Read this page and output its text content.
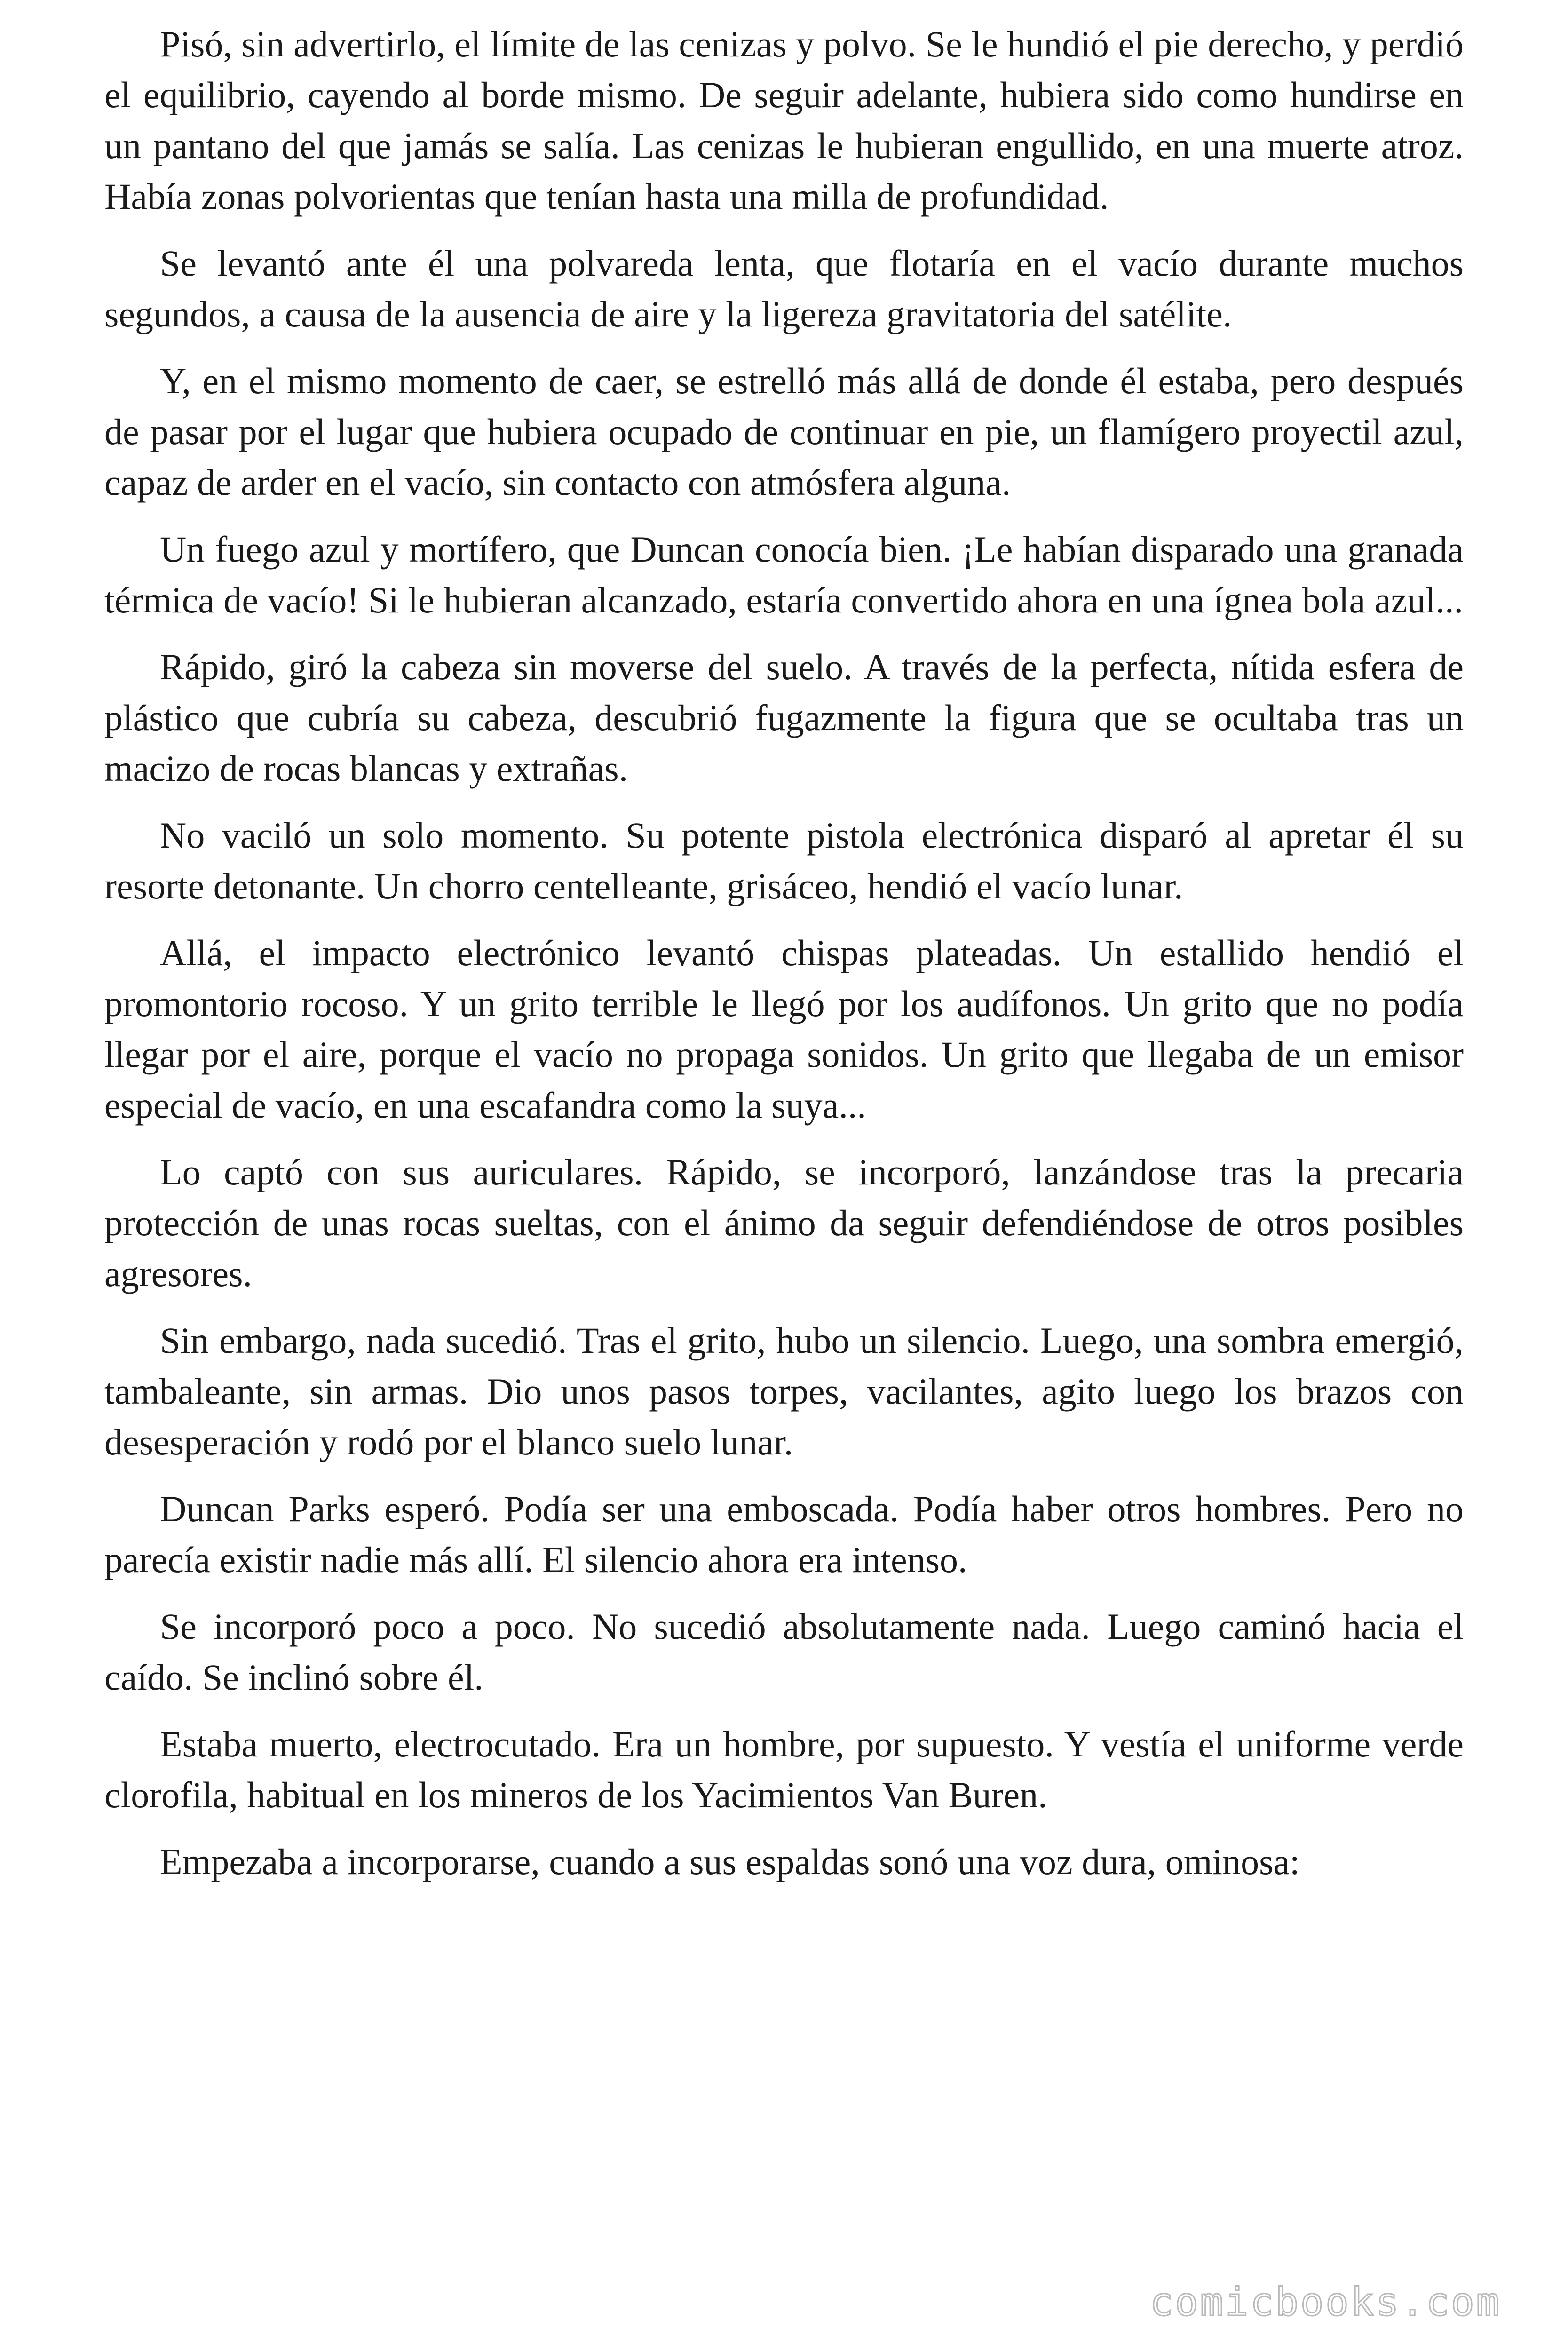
Pisó, sin advertirlo, el límite de las cenizas y polvo. Se le hundió el pie derecho, y perdió el equilibrio, cayendo al borde mismo. De seguir adelante, hubiera sido como hundirse en un pantano del que jamás se salía. Las cenizas le hubieran engullido, en una muerte atroz. Había zonas polvorientas que tenían hasta una milla de profundidad.

Se levantó ante él una polvareda lenta, que flotaría en el vacío durante muchos segundos, a causa de la ausencia de aire y la ligereza gravitatoria del satélite.

Y, en el mismo momento de caer, se estrelló más allá de donde él estaba, pero después de pasar por el lugar que hubiera ocupado de continuar en pie, un flamígero proyectil azul, capaz de arder en el vacío, sin contacto con atmósfera alguna.

Un fuego azul y mortífero, que Duncan conocía bien. ¡Le habían disparado una granada térmica de vacío! Si le hubieran alcanzado, estaría convertido ahora en una ígnea bola azul...

Rápido, giró la cabeza sin moverse del suelo. A través de la perfecta, nítida esfera de plástico que cubría su cabeza, descubrió fugazmente la figura que se ocultaba tras un macizo de rocas blancas y extrañas.

No vaciló un solo momento. Su potente pistola electrónica disparó al apretar él su resorte detonante. Un chorro centelleante, grisáceo, hendió el vacío lunar.

Allá, el impacto electrónico levantó chispas plateadas. Un estallido hendió el promontorio rocoso. Y un grito terrible le llegó por los audífonos. Un grito que no podía llegar por el aire, porque el vacío no propaga sonidos. Un grito que llegaba de un emisor especial de vacío, en una escafandra como la suya...

Lo captó con sus auriculares. Rápido, se incorporó, lanzándose tras la precaria protección de unas rocas sueltas, con el ánimo da seguir defendiéndose de otros posibles agresores.

Sin embargo, nada sucedió. Tras el grito, hubo un silencio. Luego, una sombra emergió, tambaleante, sin armas. Dio unos pasos torpes, vacilantes, agito luego los brazos con desesperación y rodó por el blanco suelo lunar.

Duncan Parks esperó. Podía ser una emboscada. Podía haber otros hombres. Pero no parecía existir nadie más allí. El silencio ahora era intenso.

Se incorporó poco a poco. No sucedió absolutamente nada. Luego caminó hacia el caído. Se inclinó sobre él.

Estaba muerto, electrocutado. Era un hombre, por supuesto. Y vestía el uniforme verde clorofila, habitual en los mineros de los Yacimientos Van Buren.

Empezaba a incorporarse, cuando a sus espaldas sonó una voz dura, ominosa:

comicbooks.com
